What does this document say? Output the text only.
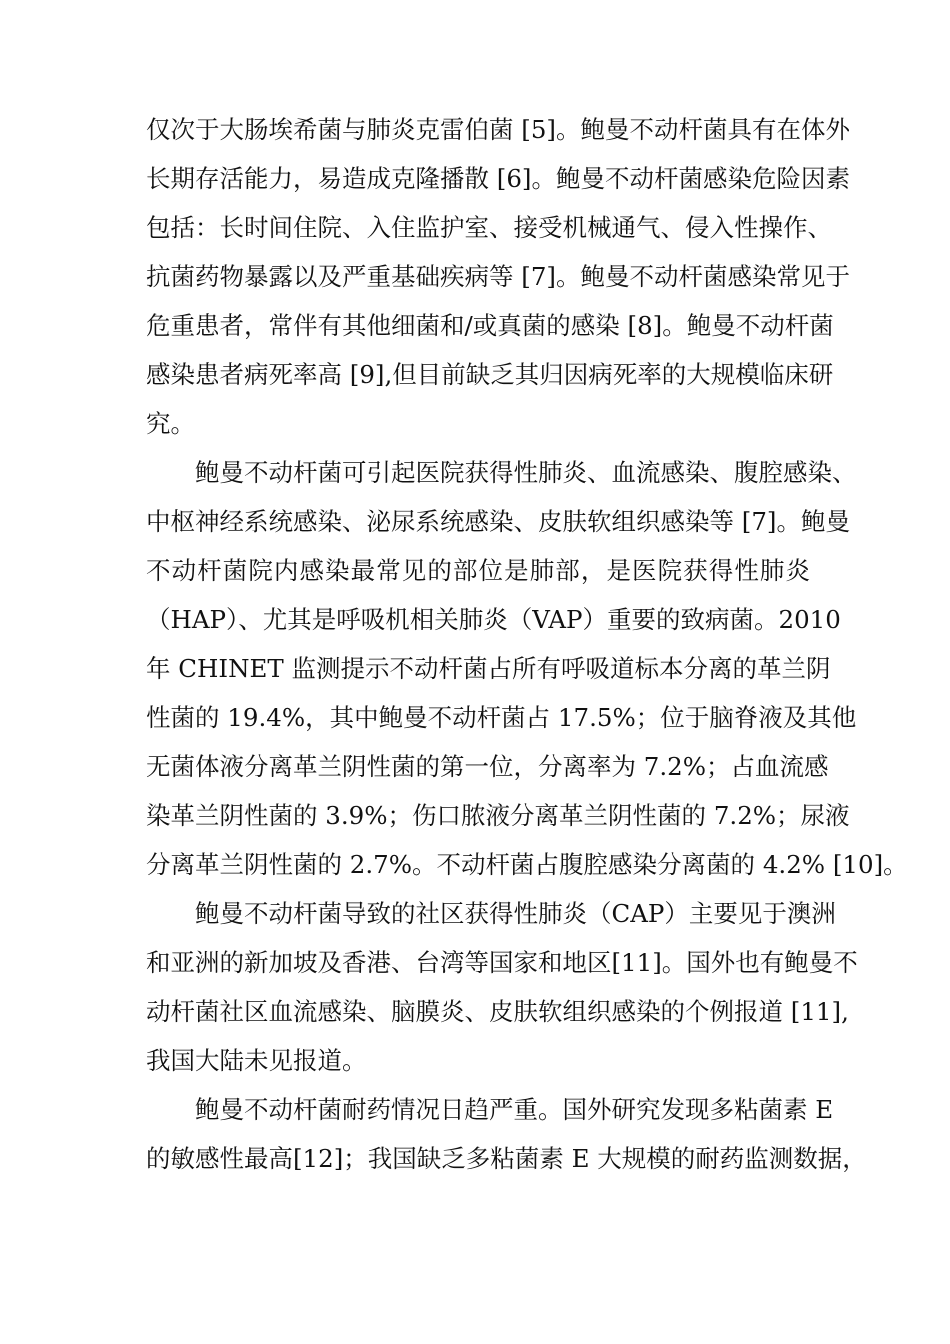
仅次于大肠埃希菌与肺炎克雷伯菌 [5]。鲍曼不动杆菌具有在体外
长期存活能力，易造成克隆播散 [6]。鲍曼不动杆菌感染危险因素
包括：长时间住院、入住监护室、接受机械通气、侵入性操作、
抗菌药物暴露以及严重基础疾病等 [7]。鲍曼不动杆菌感染常见于
危重患者，常伴有其他细菌和/或真菌的感染 [8]。鲍曼不动杆菌
感染患者病死率高 [9],但目前缺乏其归因病死率的大规模临床研
究。
鲍曼不动杆菌可引起医院获得性肺炎、血流感染、腹腔感染、
中枢神经系统感染、泌尿系统感染、皮肤软组织感染等 [7]。鲍曼
不动杆菌院内感染最常见的部位是肺部，是医院获得性肺炎
（HAP）、尤其是呼吸机相关肺炎（VAP）重要的致病菌。2010
年 CHINET 监测提示不动杆菌占所有呼吸道标本分离的革兰阴
性菌的 19.4%，其中鲍曼不动杆菌占 17.5%；位于脑脊液及其他
无菌体液分离革兰阴性菌的第一位，分离率为 7.2%；占血流感
染革兰阴性菌的 3.9%；伤口脓液分离革兰阴性菌的 7.2%；尿液
分离革兰阴性菌的 2.7%。不动杆菌占腹腔感染分离菌的 4.2% [10]。
鲍曼不动杆菌导致的社区获得性肺炎（CAP）主要见于澳洲
和亚洲的新加坡及香港、台湾等国家和地区[11]。国外也有鲍曼不
动杆菌社区血流感染、脑膜炎、皮肤软组织感染的个例报道 [11],
我国大陆未见报道。
鲍曼不动杆菌耐药情况日趋严重。国外研究发现多粘菌素 E
的敏感性最高[12]；我国缺乏多粘菌素 E 大规模的耐药监测数据，
